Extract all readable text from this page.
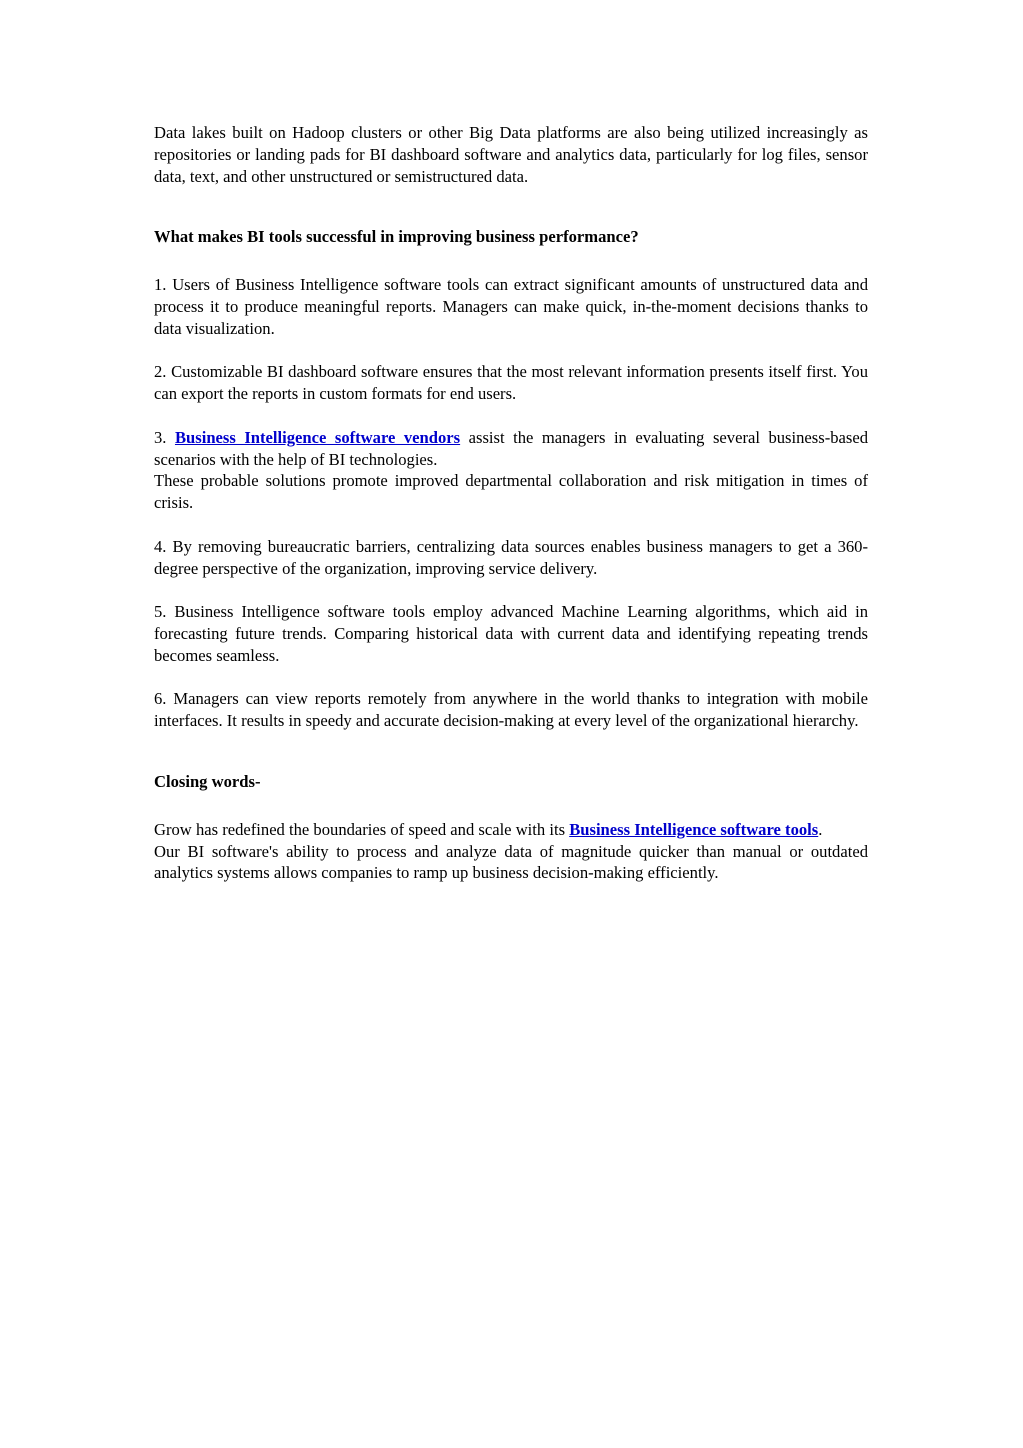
Data lakes built on Hadoop clusters or other Big Data platforms are also being utilized increasingly as repositories or landing pads for BI dashboard software and analytics data, particularly for log files, sensor data, text, and other unstructured or semistructured data.

What makes BI tools successful in improving business performance?

1. Users of Business Intelligence software tools can extract significant amounts of unstructured data and process it to produce meaningful reports. Managers can make quick, in-the-moment decisions thanks to data visualization.

2. Customizable BI dashboard software ensures that the most relevant information presents itself first. You can export the reports in custom formats for end users.

3. Business Intelligence software vendors assist the managers in evaluating several business-based scenarios with the help of BI technologies.

These probable solutions promote improved departmental collaboration and risk mitigation in times of crisis.

4. By removing bureaucratic barriers, centralizing data sources enables business managers to get a 360-degree perspective of the organization, improving service delivery.

5. Business Intelligence software tools employ advanced Machine Learning algorithms, which aid in forecasting future trends. Comparing historical data with current data and identifying repeating trends becomes seamless.

6. Managers can view reports remotely from anywhere in the world thanks to integration with mobile interfaces. It results in speedy and accurate decision-making at every level of the organizational hierarchy.

Closing words-

Grow has redefined the boundaries of speed and scale with its Business Intelligence software tools.

Our BI software's ability to process and analyze data of magnitude quicker than manual or outdated analytics systems allows companies to ramp up business decision-making efficiently.
